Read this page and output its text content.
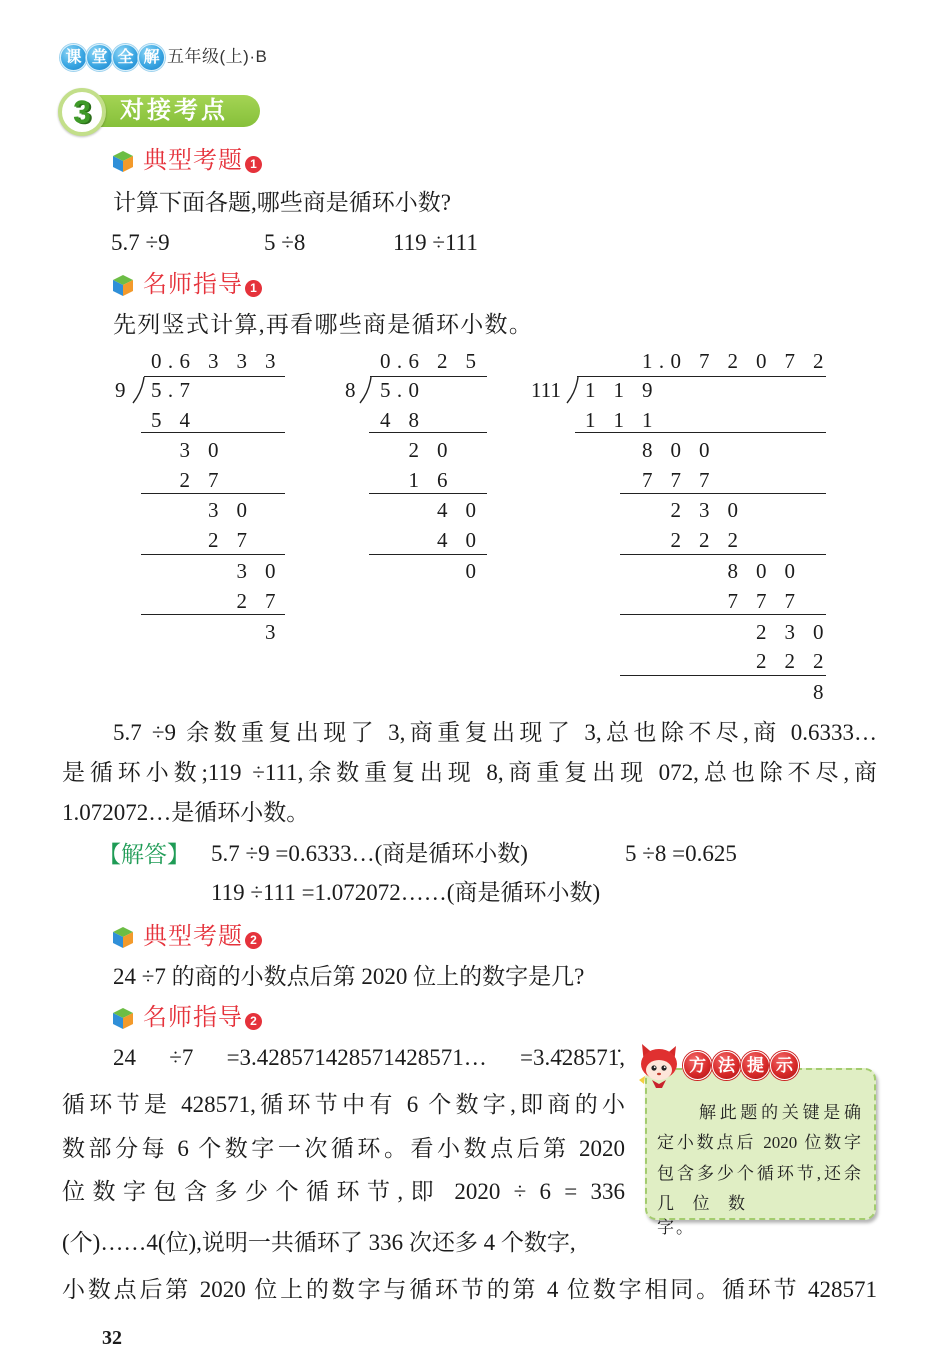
课 堂 全 解 五年级(上)·B
对接考点
3
典型考题 1
计算下面各题,哪些商是循环小数?
5.7 ÷9	5 ÷8	119 ÷111
名师指导 1
先列竖式计算,再看哪些商是循环小数。
0.6 3 3 3
9 5.7
5 4
3 0
2 7
3 0
2 7
3 0
2 7
3
0.6 2 5
8 5.0
4 8
2 0
1 6
4 0
4 0
0
1.0 7 2 0 7 2
111 1 1 9
1 1 1
8 0 0
7 7 7
2 3 0
2 2 2
8 0 0
7 7 7
2 3 0
2 2 2
8
5.7 ÷9 余数重复出现了 3,商重复出现了 3,总也除不尽,商 0.6333…
是循环小数;119 ÷111,余数重复出现 8,商重复出现 072,总也除不尽,商
1.072072…是循环小数。
【解答】 5.7 ÷9 =0.6333…(商是循环小数)	5 ÷8 =0.625
119 ÷111 =1.072072……(商是循环小数)
典型考题 2
24 ÷7 的商的小数点后第 2020 位上的数字是几?
名师指导 2
24 ÷7 =3.428571428571428571… =3.4̇28571̇,
循环节是 428571,循环节中有 6 个数字,即商的小
数部分每 6 个数字一次循环。看小数点后第 2020
位数字包含多少个循环节,即 2020 ÷ 6 = 336
(个)……4(位),说明一共循环了 336 次还多 4 个数字,
小数点后第 2020 位上的数字与循环节的第 4 位数字相同。循环节 428571
方 法 提 示
解此题的关键是确
定小数点后 2020 位数字
包含多少个循环节,还余
几位数字。
32
